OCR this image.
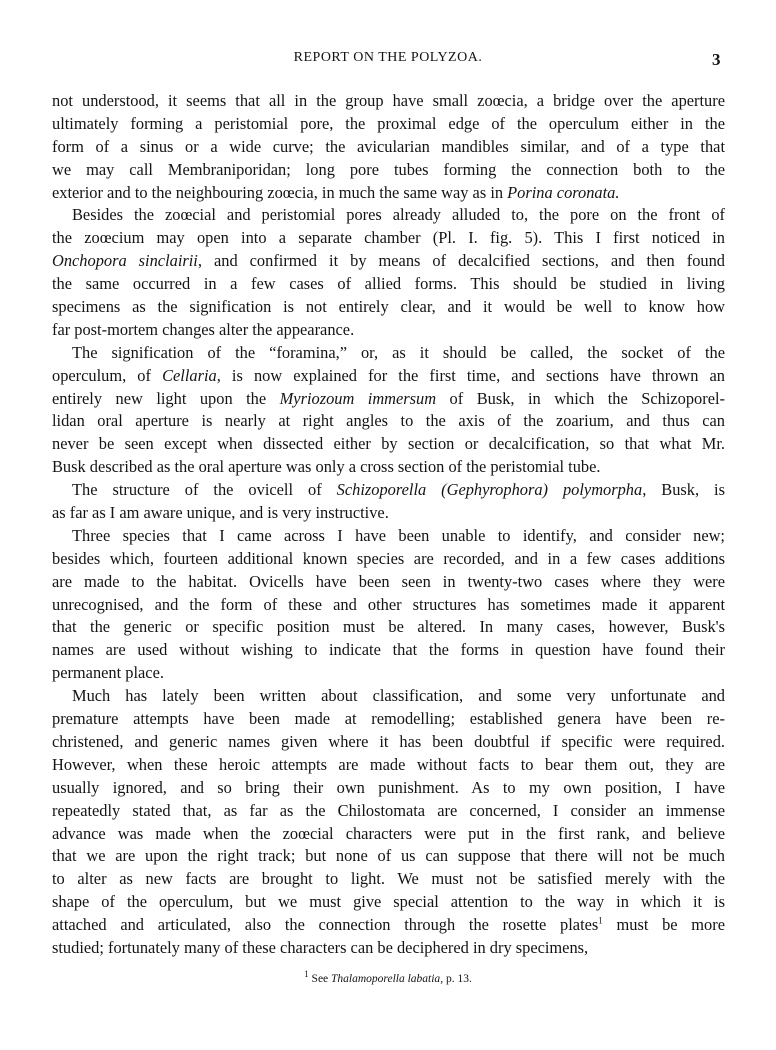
REPORT ON THE POLYZOA.	3
not understood, it seems that all in the group have small zoœcia, a bridge over the aperture
ultimately forming a peristomial pore, the proximal edge of the operculum either in the
form of a sinus or a wide curve; the avicularian mandibles similar, and of a type that
we may call Membraniporidan; long pore tubes forming the connection both to the
exterior and to the neighbouring zoœcia, in much the same way as in Porina coronata.
Besides the zoœcial and peristomial pores already alluded to, the pore on the front of
the zoœcium may open into a separate chamber (Pl. I. fig. 5). This I first noticed in
Onchopora sinclairii, and confirmed it by means of decalcified sections, and then found
the same occurred in a few cases of allied forms. This should be studied in living
specimens as the signification is not entirely clear, and it would be well to know how
far post-mortem changes alter the appearance.
The signification of the “foramina,” or, as it should be called, the socket of the
operculum, of Cellaria, is now explained for the first time, and sections have thrown an
entirely new light upon the Myriozoum immersum of Busk, in which the Schizoporel-
lidan oral aperture is nearly at right angles to the axis of the zoarium, and thus can
never be seen except when dissected either by section or decalcification, so that what Mr.
Busk described as the oral aperture was only a cross section of the peristomial tube.
The structure of the ovicell of Schizoporella (Gephyrophora) polymorpha, Busk, is
as far as I am aware unique, and is very instructive.
Three species that I came across I have been unable to identify, and consider new;
besides which, fourteen additional known species are recorded, and in a few cases additions
are made to the habitat. Ovicells have been seen in twenty-two cases where they were
unrecognised, and the form of these and other structures has sometimes made it apparent
that the generic or specific position must be altered. In many cases, however, Busk's
names are used without wishing to indicate that the forms in question have found their
permanent place.
Much has lately been written about classification, and some very unfortunate and
premature attempts have been made at remodelling; established genera have been re-
christened, and generic names given where it has been doubtful if specific were required.
However, when these heroic attempts are made without facts to bear them out, they are
usually ignored, and so bring their own punishment. As to my own position, I have
repeatedly stated that, as far as the Chilostomata are concerned, I consider an immense
advance was made when the zoœcial characters were put in the first rank, and believe
that we are upon the right track; but none of us can suppose that there will not be much
to alter as new facts are brought to light. We must not be satisfied merely with the
shape of the operculum, but we must give special attention to the way in which it is
attached and articulated, also the connection through the rosette plates$^1$ must be more
studied; fortunately many of these characters can be deciphered in dry specimens,
$^1$ See Thalamoporella labatia, p. 13.
